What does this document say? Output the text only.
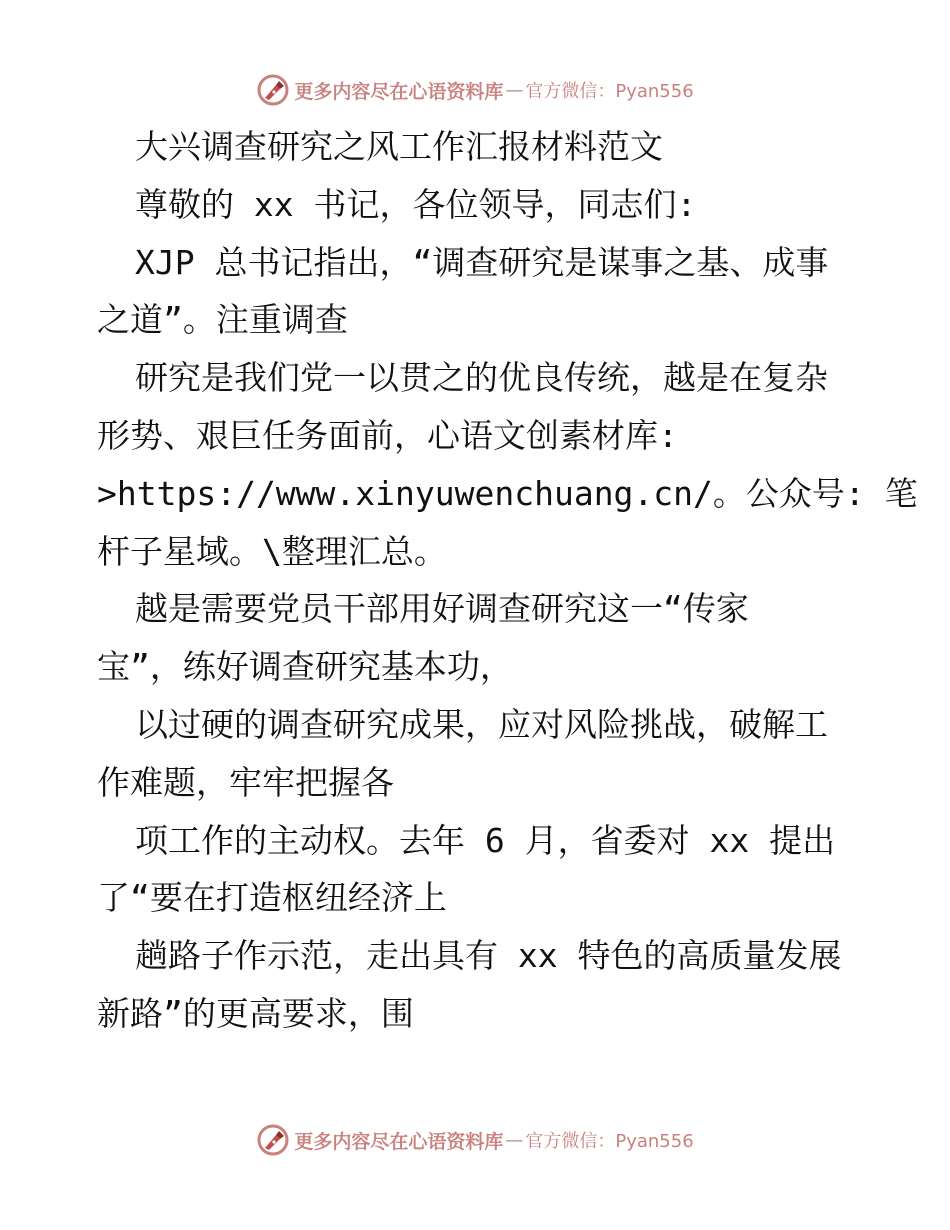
更多内容尽在心语资料库 — 官方微信：Pyan556
大兴调查研究之风工作汇报材料范文
尊敬的 xx 书记，各位领导，同志们:
XJP 总书记指出，“调查研究是谋事之基、成事
之道”。注重调查
研究是我们党一以贯之的优良传统，越是在复杂
形势、艰巨任务面前，心语文创素材库:
>https://www.xinyuwenchuang.cn/。公众号: 笔
杆子星域。\整理汇总。
越是需要党员干部用好调查研究这一“传家
宝”，练好调查研究基本功，
以过硬的调查研究成果，应对风险挑战，破解工
作难题，牢牢把握各
项工作的主动权。去年 6 月，省委对 xx 提出
了“要在打造枢纽经济上
趟路子作示范，走出具有 xx 特色的高质量发展
新路”的更高要求，围
更多内容尽在心语资料库 — 官方微信：Pyan556
